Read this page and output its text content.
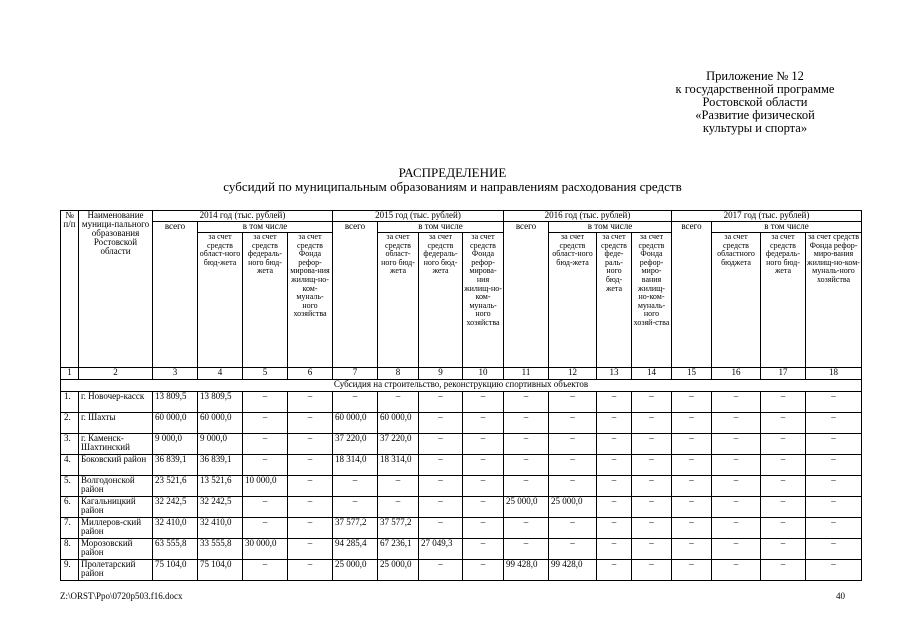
Приложение № 12
к государственной программе
Ростовской области
«Развитие физической
культуры и спорта»
РАСПРЕДЕЛЕНИЕ
субсидий по муниципальным образованиям и направлениям расходования средств
№ п/п	Наименование муници-пального образования Ростовской области	2014 год (тыс. рублей)				2015 год (тыс. рублей)				2016 год (тыс. рублей)				2017 год (тыс. рублей)			
		всего	в том числе			всего	в том числе			всего	в том числе			всего	в том числе		
			за счет средств област-ного бюд-жета	за счет средств федераль-ного бюд-жета	за счет средств Фонда рефор-мирова-ния жилищ-но-ком-муналь-ного хозяйства		за счет средств област-ного бюд-жета	за счет средств федераль-ного бюд-жета	за счет средств Фонда рефор-мирова-ния жилищ-но-ком-муналь-ного хозяйства		за счет средств област-ного бюд-жета	за счет средств феде-раль-ного бюд-жета	за счет средств Фонда рефор-миро-вания жилищ-но-ком-муналь-ного хозяй-ства		за счет средств областного бюджета	за счет средств федераль-ного бюд-жета	за счет средств Фонда рефор-миро-вания жилищ-но-ком-муналь-ного хозяйства
1	2	3	4	5	6	7	8	9	10	11	12	13	14	15	16	17	18
Субсидия на строительство, реконструкцию спортивных объектов																	
1.	г. Новочер-касск	13 809,5	13 809,5	–	–	–	–	–	–	–	–	–	–	–	–	–	–
2.	г. Шахты	60 000,0	60 000,0	–	–	60 000,0	60 000,0	–	–	–	–	–	–	–	–	–	–
3.	г. Каменск-Шахтинский	9 000,0	9 000,0	–	–	37 220,0	37 220,0	–	–	–	–	–	–	–	–	–	–
4.	Боковский район	36 839,1	36 839,1	–	–	18 314,0	18 314,0	–	–	–	–	–	–	–	–	–	–
5.	Волгодонской район	23 521,6	13 521,6	10 000,0	–	–	–	–	–	–	–	–	–	–	–	–	–
6.	Кагальницкий район	32 242,5	32 242,5	–	–	–	–	–	–	25 000,0	25 000,0	–	–	–	–	–	–
7.	Миллеров-ский район	32 410,0	32 410,0	–	–	37 577,2	37 577,2	–	–	–	–	–	–	–	–	–	–
8.	Морозовский район	63 555,8	33 555,8	30 000,0	–	94 285,4	67 236,1	27 049,3	–	–	–	–	–	–	–	–	–
9.	Пролетарский район	75 104,0	75 104,0	–	–	25 000,0	25 000,0	–	–	99 428,0	99 428,0	–	–	–	–	–	–
Z:\ORST\Ppo\0720p503.f16.docx	40
